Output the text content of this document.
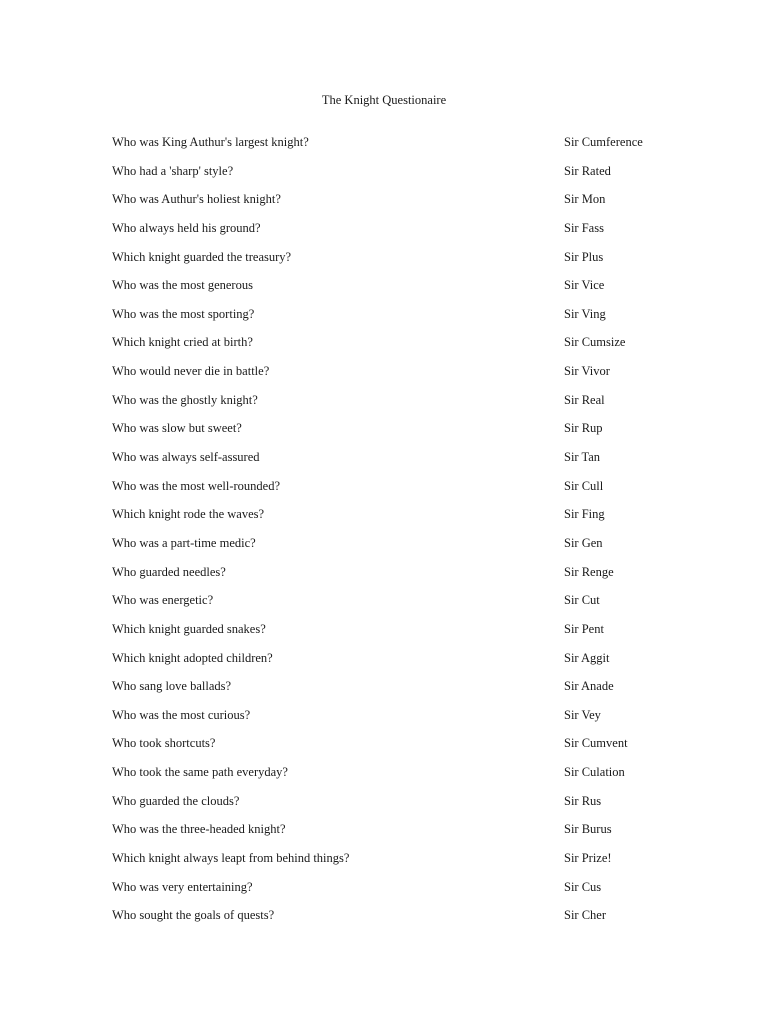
The Knight Questionaire
Who was King Authur's largest knight?	Sir Cumference
Who had a 'sharp' style?	Sir Rated
Who was Authur's holiest knight?	Sir Mon
Who always held his ground?	Sir Fass
Which knight guarded the treasury?	Sir Plus
Who was the most generous	Sir Vice
Who was the most sporting?	Sir Ving
Which knight cried at birth?	Sir Cumsize
Who would never die in battle?	Sir Vivor
Who was the ghostly knight?	Sir Real
Who was slow but sweet?	Sir Rup
Who was always self-assured	Sir Tan
Who was the most well-rounded?	Sir Cull
Which knight rode the waves?	Sir Fing
Who was a part-time medic?	Sir Gen
Who guarded needles?	Sir Renge
Who was energetic?	Sir Cut
Which knight guarded snakes?	Sir Pent
Which knight adopted children?	Sir Aggit
Who sang love ballads?	Sir Anade
Who was the most curious?	Sir Vey
Who took shortcuts?	Sir Cumvent
Who took the same path everyday?	Sir Culation
Who guarded the clouds?	Sir Rus
Who was the three-headed knight?	Sir Burus
Which knight always leapt from behind things?	Sir Prize!
Who was very entertaining?	Sir Cus
Who sought the goals of quests?	Sir Cher
